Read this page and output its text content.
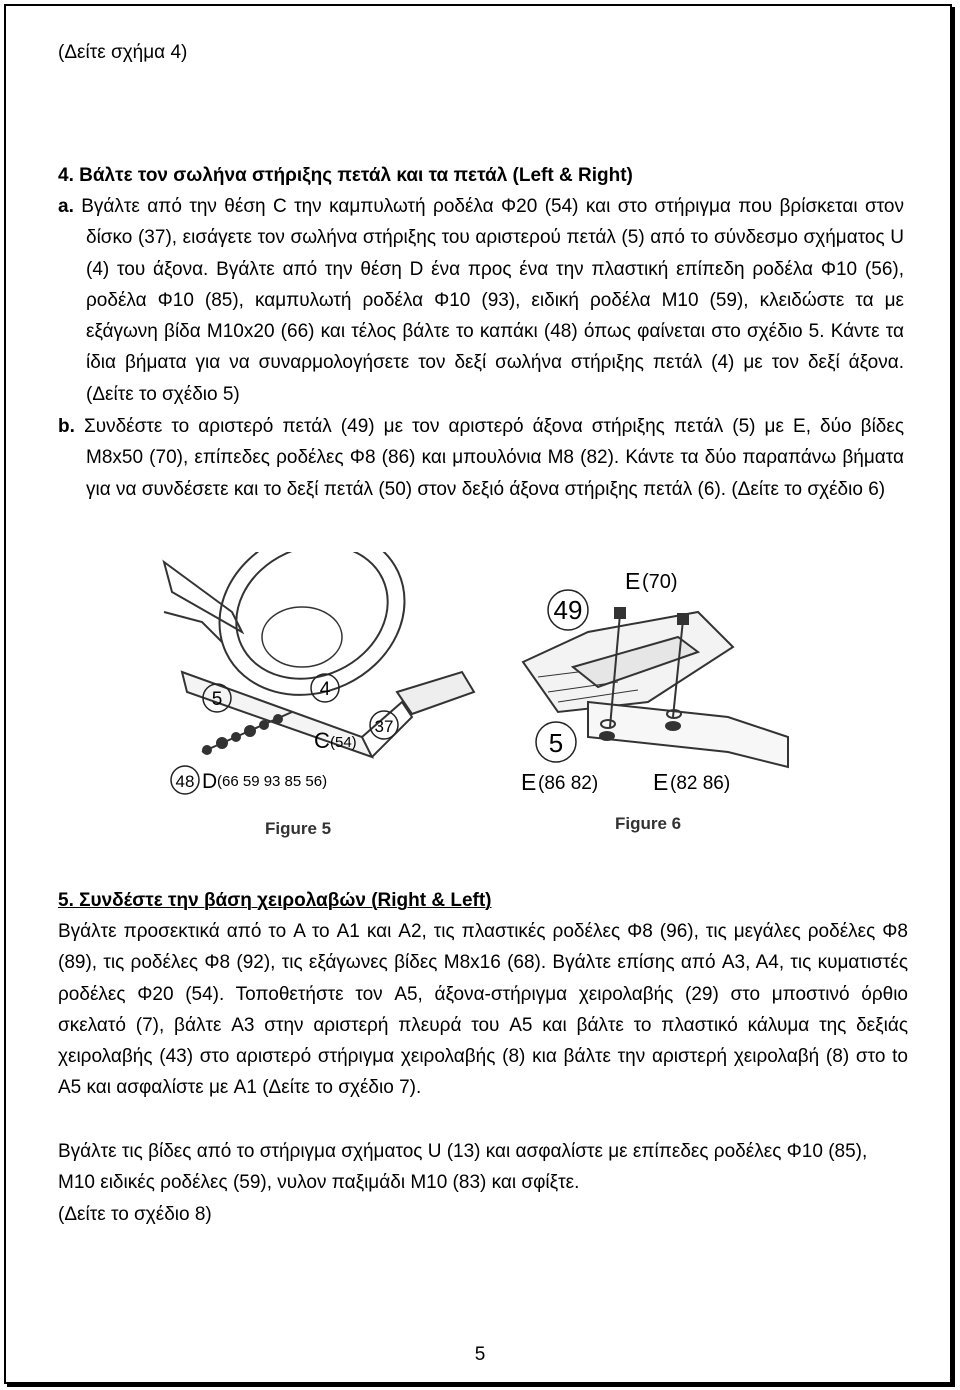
(Δείτε σχήμα 4)

4. Βάλτε τον σωλήνα στήριξης πετάλ και τα πετάλ (Left & Right)

a. Βγάλτε από την θέση C την καμπυλωτή ροδέλα Φ20 (54) και στο στήριγμα που βρίσκεται στον δίσκο (37), εισάγετε τον σωλήνα στήριξης του αριστερού πετάλ (5) από το σύνδεσμο σχήματος U (4) του άξονα. Βγάλτε από την θέση D ένα προς ένα την πλαστική επίπεδη ροδέλα Φ10 (56), ροδέλα Φ10 (85), καμπυλωτή ροδέλα Φ10 (93), ειδική ροδέλα M10 (59), κλειδώστε τα με εξάγωνη βίδα M10x20 (66) και τέλος βάλτε το καπάκι (48) όπως φαίνεται στο σχέδιο 5. Κάντε τα ίδια βήματα για να συναρμολογήσετε τον δεξί σωλήνα στήριξης πετάλ (4) με τον δεξί άξονα. (Δείτε το σχέδιο 5)
b. Συνδέστε το αριστερό πετάλ (49) με τον αριστερό άξονα στήριξης πετάλ (5) με E, δύο βίδες M8x50 (70), επίπεδες ροδέλες Φ8 (86) και μπουλόνια M8 (82). Κάντε τα δύο παραπάνω βήματα για να συνδέσετε και το δεξί πετάλ (50) στον δεξιό άξονα στήριξης πετάλ (6). (Δείτε το σχέδιο 6)
5	4
37
48
C (54)
D (66 59 93 85 56)
Figure 5
49
5
E (70)
E (86 82) E (82 86)
Figure 6

5. Συνδέστε την βάση χειρολαβών (Right & Left)

Βγάλτε προσεκτικά από το A το A1 και A2, τις πλαστικές ροδέλες Φ8 (96), τις μεγάλες ροδέλες Φ8 (89), τις ροδέλες Φ8 (92), τις εξάγωνες βίδες M8x16 (68). Βγάλτε επίσης από A3, A4, τις κυματιστές ροδέλες Φ20 (54). Τοποθετήστε τον A5, άξονα-στήριγμα χειρολαβής (29) στο μποστινό όρθιο σκελατό (7), βάλτε A3 στην αριστερή πλευρά του A5 και βάλτε το πλαστικό κάλυμα της δεξιάς χειρολαβής (43) στο αριστερό στήριγμα χειρολαβής (8) κια βάλτε την αριστερή χειρολαβή (8) στο to A5 και ασφαλίστε με A1 (Δείτε το σχέδιο 7).

Βγάλτε τις βίδες από το στήριγμα σχήματος U (13) και ασφαλίστε με επίπεδες ροδέλες Φ10 (85), M10 ειδικές ροδέλες (59), νυλον παξιμάδι M10 (83) και σφίξτε.
(Δείτε το σχέδιο 8)
5
